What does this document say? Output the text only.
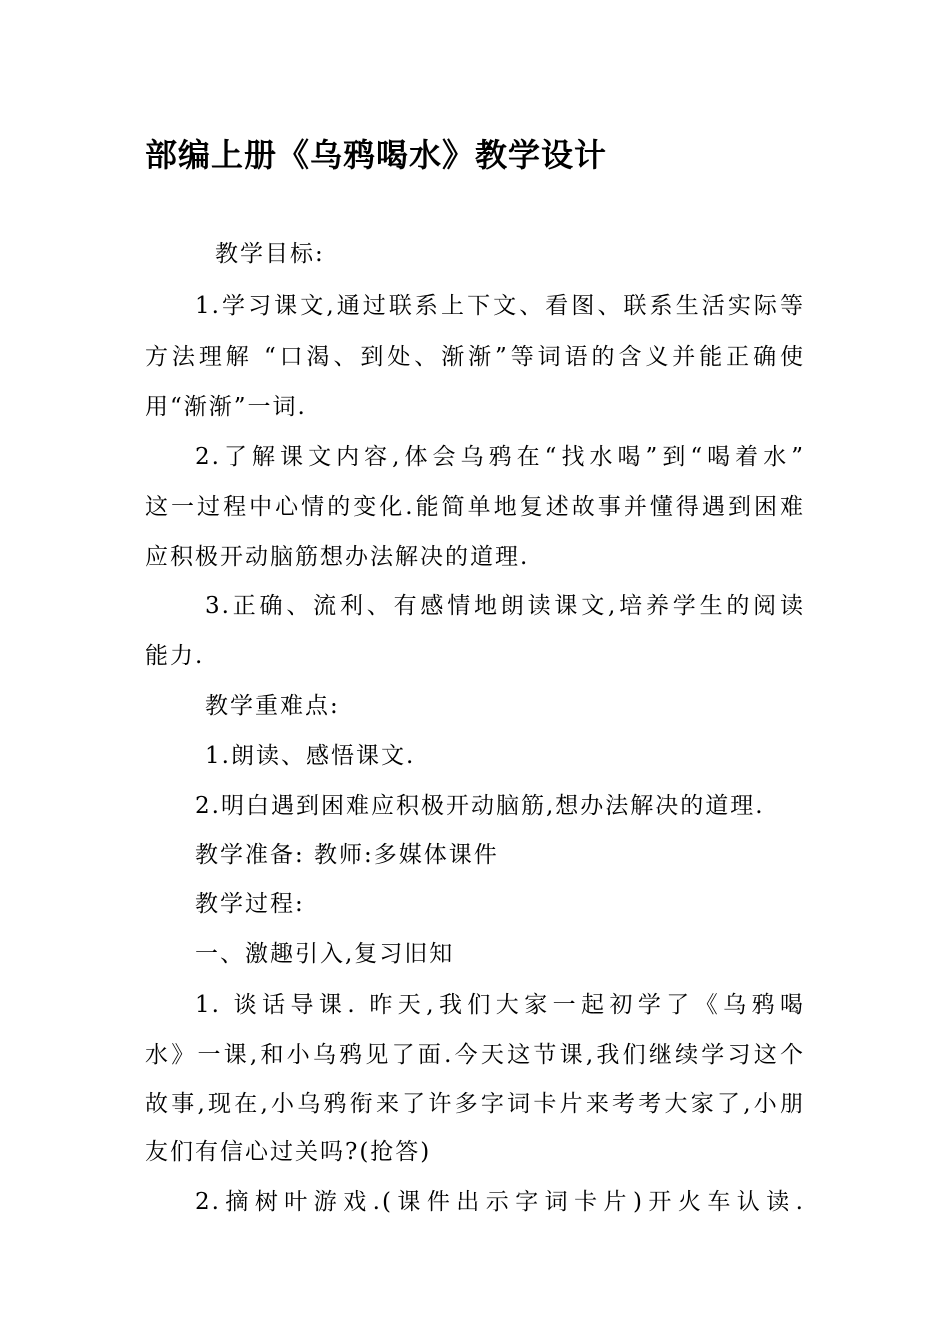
部编上册《乌鸦喝水》教学设计
教学目标:
1.学习课文,通过联系上下文、看图、联系生活实际等
方法理解 “口渴、到处、渐渐”等词语的含义并能正确使
用“渐渐”一词.
2.了解课文内容,体会乌鸦在“找水喝”到“喝着水”
这一过程中心情的变化.能简单地复述故事并懂得遇到困难
应积极开动脑筋想办法解决的道理.
3.正确、流利、有感情地朗读课文,培养学生的阅读
能力.
教学重难点:
1.朗读、感悟课文.
2.明白遇到困难应积极开动脑筋,想办法解决的道理.
教学准备: 教师:多媒体课件
教学过程:
一、激趣引入,复习旧知
1. 谈话导课. 昨天,我们大家一起初学了《乌鸦喝
水》一课,和小乌鸦见了面.今天这节课,我们继续学习这个
故事,现在,小乌鸦衔来了许多字词卡片来考考大家了,小朋
友们有信心过关吗?(抢答)
2.摘树叶游戏.(课件出示字词卡片)开火车认读.
